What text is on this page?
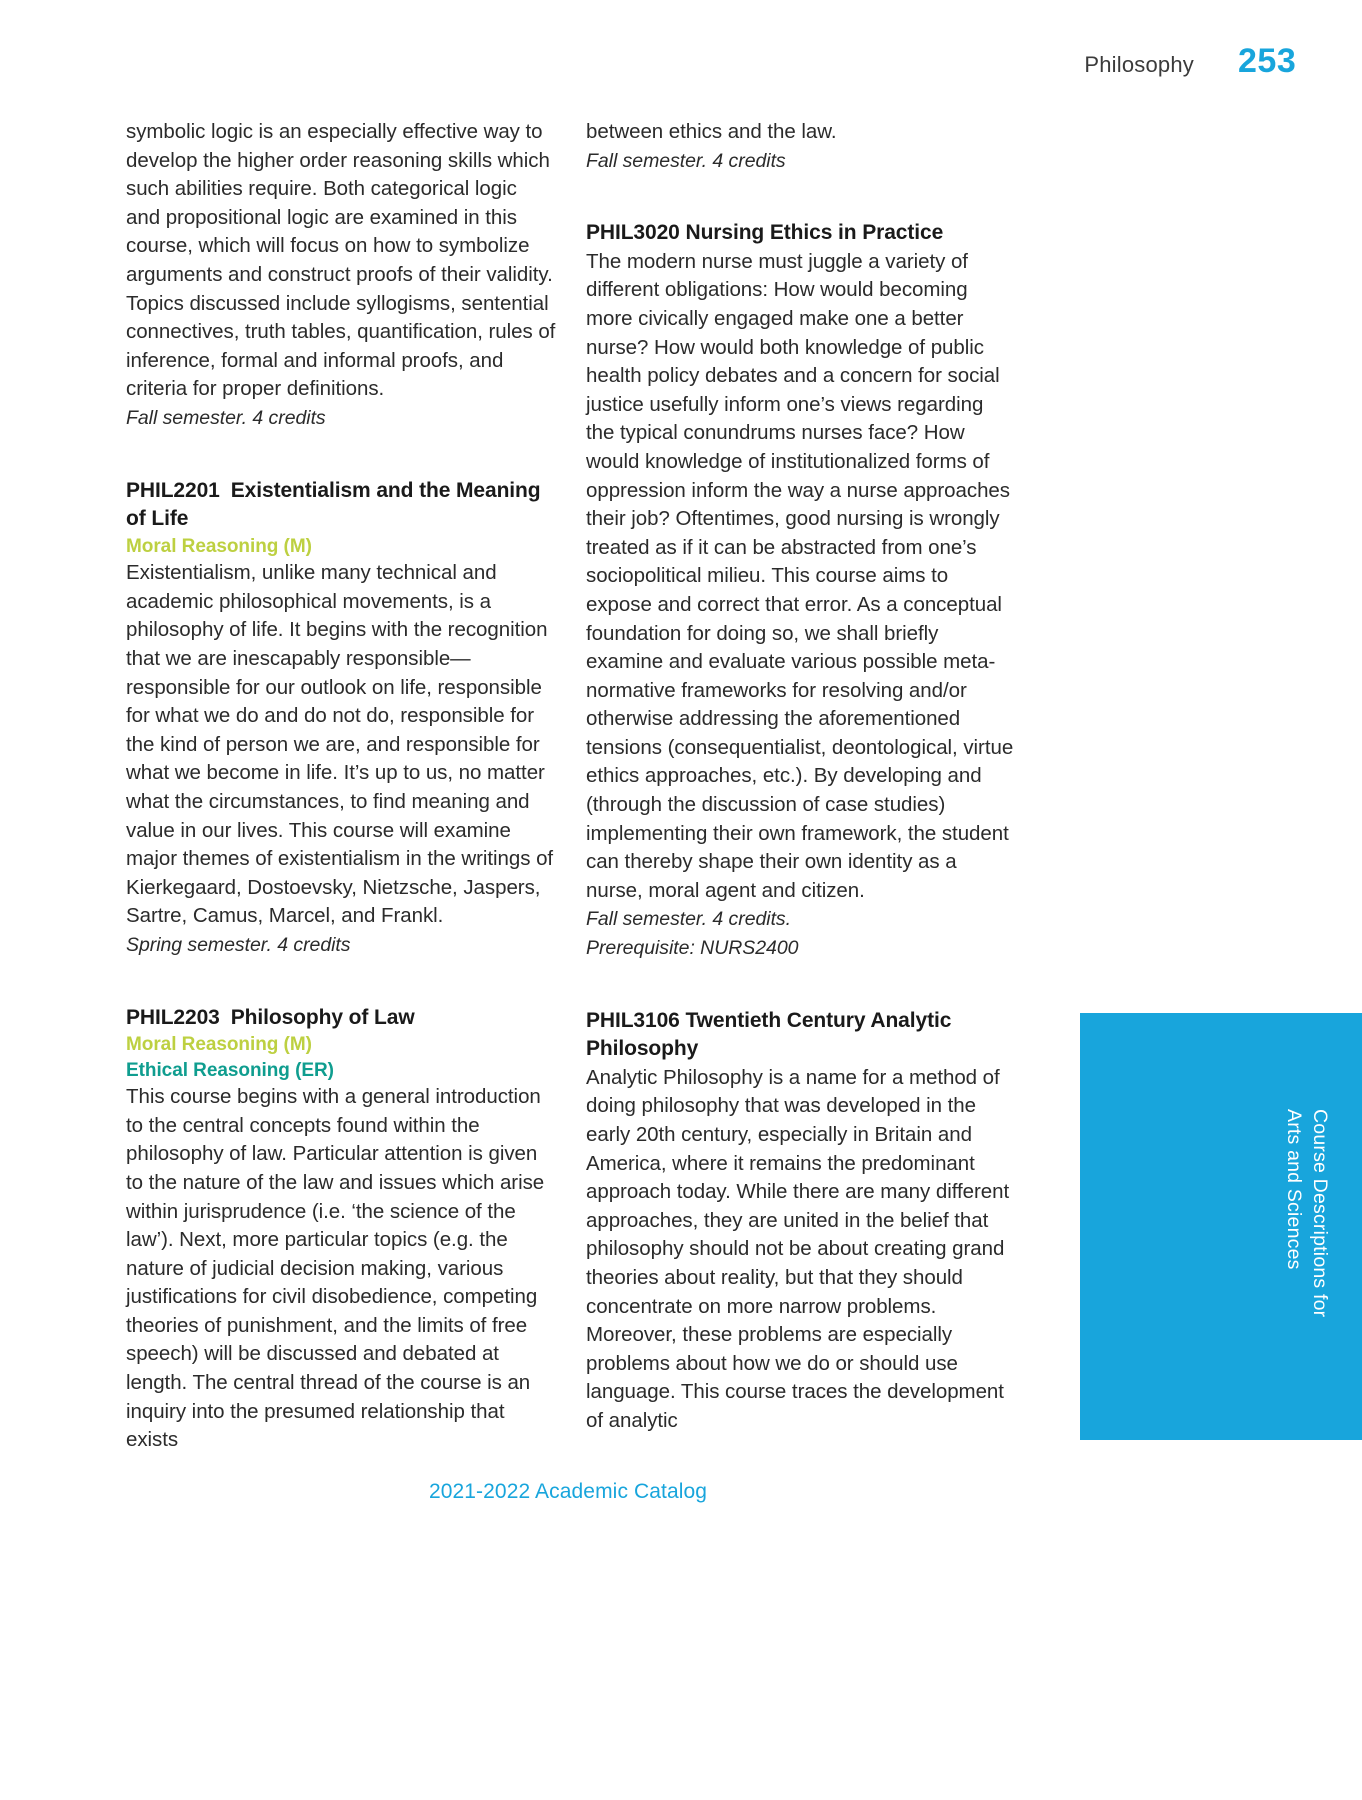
Philosophy 253

symbolic logic is an especially effective way to develop the higher order reasoning skills which such abilities require. Both categorical logic and propositional logic are examined in this course, which will focus on how to symbolize arguments and construct proofs of their validity. Topics discussed include syllogisms, sentential connectives, truth tables, quantification, rules of inference, formal and informal proofs, and criteria for proper definitions.

Fall semester. 4 credits

PHIL2201 Existentialism and the Meaning of Life
Moral Reasoning (M)

Existentialism, unlike many technical and academic philosophical movements, is a philosophy of life. It begins with the recognition that we are inescapably responsible—responsible for our outlook on life, responsible for what we do and do not do, responsible for the kind of person we are, and responsible for what we become in life. It’s up to us, no matter what the circumstances, to find meaning and value in our lives. This course will examine major themes of existentialism in the writings of Kierkegaard, Dostoevsky, Nietzsche, Jaspers, Sartre, Camus, Marcel, and Frankl.

Spring semester. 4 credits

PHIL2203 Philosophy of Law
Moral Reasoning (M)
Ethical Reasoning (ER)

This course begins with a general introduction to the central concepts found within the philosophy of law. Particular attention is given to the nature of the law and issues which arise within jurisprudence (i.e. ‘the science of the law’). Next, more particular topics (e.g. the nature of judicial decision making, various justifications for civil disobedience, competing theories of punishment, and the limits of free speech) will be discussed and debated at length. The central thread of the course is an inquiry into the presumed relationship that exists

between ethics and the law.

Fall semester. 4 credits

PHIL3020 Nursing Ethics in Practice

The modern nurse must juggle a variety of different obligations: How would becoming more civically engaged make one a better nurse? How would both knowledge of public health policy debates and a concern for social justice usefully inform one’s views regarding the typical conundrums nurses face? How would knowledge of institutionalized forms of oppression inform the way a nurse approaches their job? Oftentimes, good nursing is wrongly treated as if it can be abstracted from one’s sociopolitical milieu. This course aims to expose and correct that error. As a conceptual foundation for doing so, we shall briefly examine and evaluate various possible meta-normative frameworks for resolving and/or otherwise addressing the aforementioned tensions (consequentialist, deontological, virtue ethics approaches, etc.). By developing and (through the discussion of case studies) implementing their own framework, the student can thereby shape their own identity as a nurse, moral agent and citizen.

Fall semester. 4 credits.

Prerequisite: NURS2400

PHIL3106 Twentieth Century Analytic Philosophy

Analytic Philosophy is a name for a method of doing philosophy that was developed in the early 20th century, especially in Britain and America, where it remains the predominant approach today. While there are many different approaches, they are united in the belief that philosophy should not be about creating grand theories about reality, but that they should concentrate on more narrow problems. Moreover, these problems are especially problems about how we do or should use language. This course traces the development of analytic

Course Descriptions for
Arts and Sciences
2021-2022 Academic Catalog
